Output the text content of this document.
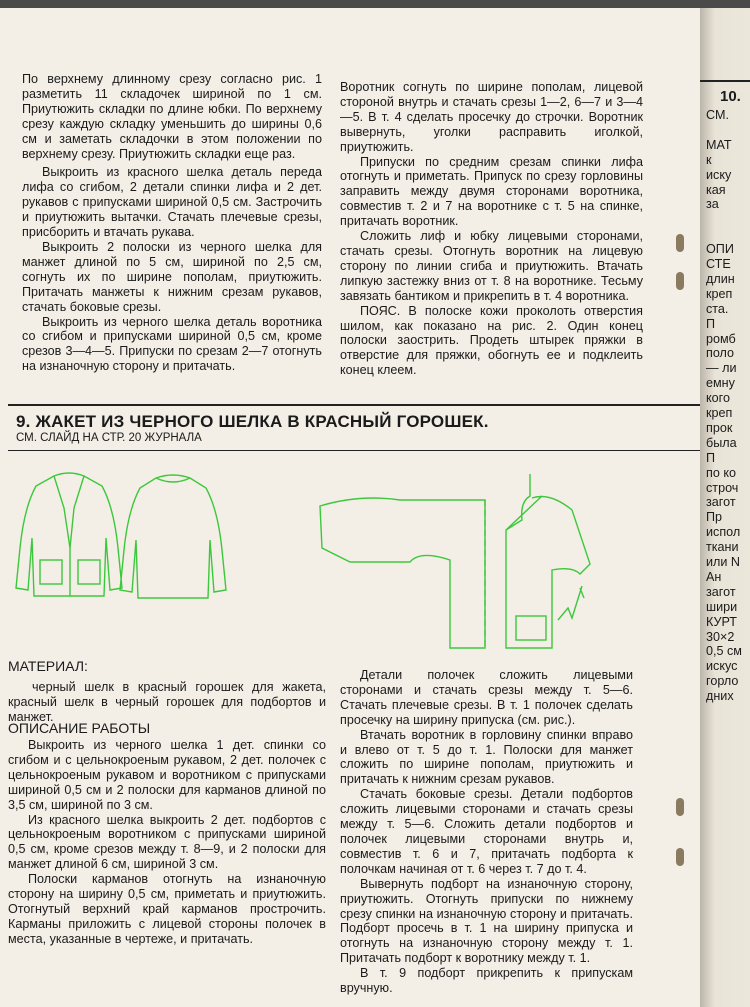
По верхнему длинному срезу согласно рис. 1 разметить 11 складочек шириной по 1 см. Приутюжить складки по длине юбки. По верхнему срезу каждую складку уменьшить до ширины 0,6 см и заметать складочки в этом положении по верхнему срезу. Приутюжить складки еще раз.

Выкроить из красного шелка деталь переда лифа со сгибом, 2 детали спинки лифа и 2 дет. рукавов с припусками шириной 0,5 см. Застрочить и приутюжить вытачки. Стачать плечевые срезы, присборить и втачать рукава.

Выкроить 2 полоски из черного шелка для манжет длиной по 5 см, шириной по 2,5 см, согнуть их по ширине пополам, приутюжить. Притачать манжеты к нижним срезам рукавов, стачать боковые срезы.

Выкроить из черного шелка деталь воротника со сгибом и припусками шириной 0,5 см, кроме срезов 3—4—5. Припуски по срезам 2—7 отогнуть на изнаночную сторону и притачать.

Воротник согнуть по ширине пополам, лицевой стороной внутрь и стачать срезы 1—2, 6—7 и 3—4—5. В т. 4 сделать просечку до строчки. Воротник вывернуть, уголки расправить иголкой, приутюжить.

Припуски по средним срезам спинки лифа отогнуть и приметать. Припуск по срезу горловины заправить между двумя сторонами воротника, совместив т. 2 и 7 на воротнике с т. 5 на спинке, притачать воротник.

Сложить лиф и юбку лицевыми сторонами, стачать срезы. Отогнуть воротник на лицевую сторону по линии сгиба и приутюжить. Втачать липкую застежку вниз от т. 8 на воротнике. Тесьму завязать бантиком и прикрепить в т. 4 воротника.

ПОЯС. В полоске кожи проколоть отверстия шилом, как показано на рис. 2. Один конец полоски заострить. Продеть штырек пряжки в отверстие для пряжки, обогнуть ее и подклеить конец клеем.

9. ЖАКЕТ ИЗ ЧЕРНОГО ШЕЛКА В КРАСНЫЙ ГОРОШЕК.
СМ. СЛАЙД НА СТР. 20 ЖУРНАЛА
МАТЕРИАЛ:
черный шелк в красный горошек для жакета, красный шелк в черный горошек для подбортов и манжет.
ОПИСАНИЕ РАБОТЫ

Выкроить из черного шелка 1 дет. спинки со сгибом и с цельнокроеным рукавом, 2 дет. полочек с цельнокроеным рукавом и воротником с припусками шириной 0,5 см и 2 полоски для карманов длиной по 3,5 см, шириной по 3 см.

Из красного шелка выкроить 2 дет. подбортов с цельнокроеным воротником с припусками шириной 0,5 см, кроме срезов между т. 8—9, и 2 полоски для манжет длиной 6 см, шириной 3 см.

Полоски карманов отогнуть на изнаночную сторону на ширину 0,5 см, приметать и приутюжить. Отогнутый верхний край карманов прострочить. Карманы приложить с лицевой стороны полочек в места, указанные в чертеже, и притачать.

Детали полочек сложить лицевыми сторонами и стачать срезы между т. 5—6. Стачать плечевые срезы. В т. 1 полочек сделать просечку на ширину припуска (см. рис.).

Втачать воротник в горловину спинки вправо и влево от т. 5 до т. 1. Полоски для манжет сложить по ширине пополам, приутюжить и притачать к нижним срезам рукавов.

Стачать боковые срезы. Детали подбортов сложить лицевыми сторонами и стачать срезы между т. 5—6. Сложить детали подбортов и полочек лицевыми сторонами внутрь и, совместив т. 6 и 7, притачать подборта к полочкам начиная от т. 6 через т. 7 до т. 4.

Вывернуть подборт на изнаночную сторону, приутюжить. Отогнуть припуски по нижнему срезу спинки на изнаночную сторону и притачать. Подборт просечь в т. 1 на ширину припуска и отогнуть на изнаночную сторону между т. 1. Притачать подборт к воротнику между т. 1.

В т. 9 подборт прикрепить к припускам вручную.

10.
СМ.
МАТ
к
иску
кая
за
ОПИ
СТЕ
длин
креп
ста.
П
ромб
поло
— ли
емну
кого
креп
прок
была
П
по ко
строч
загот
Пр
испол
ткани
или N
Ан
загот
шири
КУРТ
30×2
0,5 см
искус
горло
дних
